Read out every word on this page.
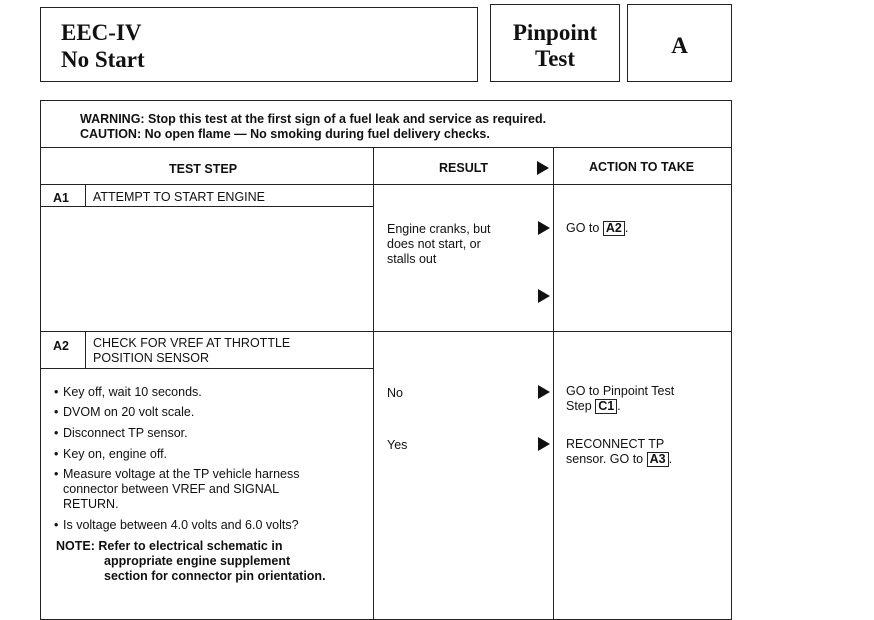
EEC-IV
No Start
Pinpoint
Test
A
WARNING: Stop this test at the first sign of a fuel leak and service as required.
CAUTION: No open flame — No smoking during fuel delivery checks.
TEST STEP	RESULT	ACTION TO TAKE
A1 ATTEMPT TO START ENGINE
Engine cranks, but
does not start, or
stalls out
GO to A2 .
A2 CHECK FOR VREF AT THROTTLE
POSITION SENSOR
• Key off, wait 10 seconds.
• DVOM on 20 volt scale.
• Disconnect TP sensor.
• Key on, engine off.
• Measure voltage at the TP vehicle harness
connector between VREF and SIGNAL
RETURN.
• Is voltage between 4.0 volts and 6.0 volts?
NOTE: Refer to electrical schematic in
appropriate engine supplement
section for connector pin orientation.
No
Yes
GO to Pinpoint Test
Step C1 .
RECONNECT TP
sensor. GO to A3 .
